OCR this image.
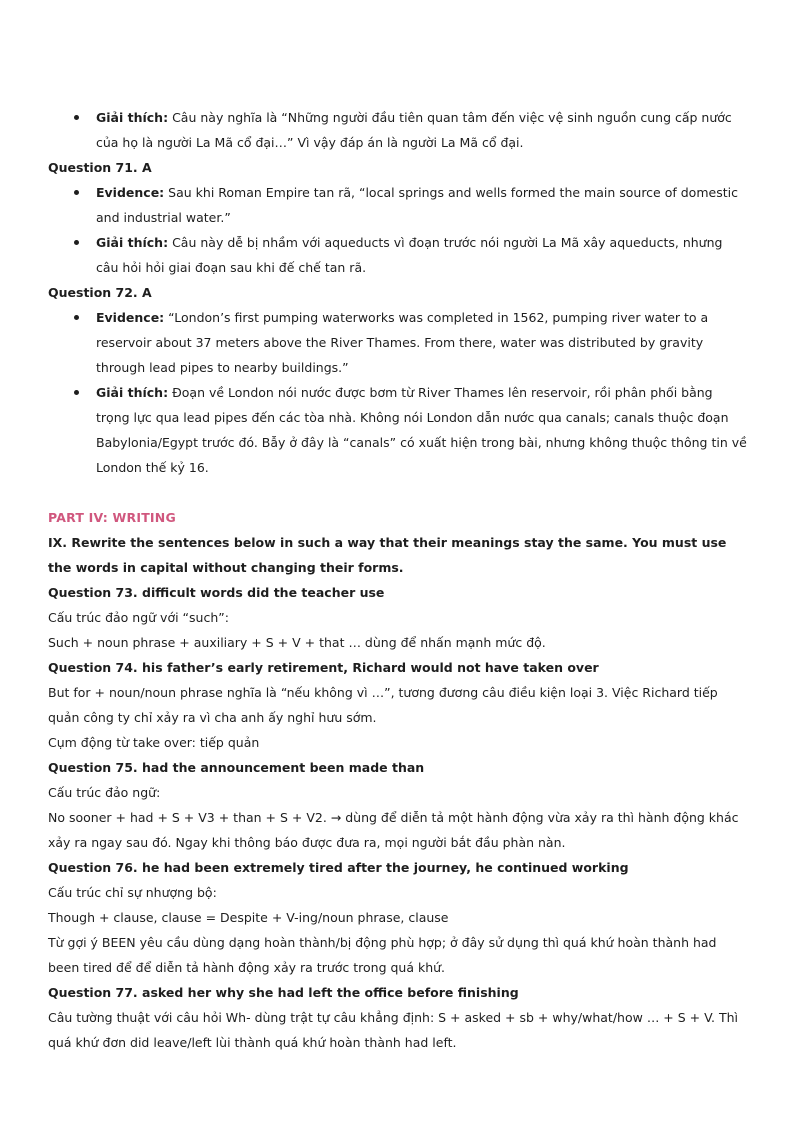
Giải thích: Câu này nghĩa là “Những người đầu tiên quan tâm đến việc vệ sinh nguồn cung cấp nước của họ là người La Mã cổ đại…” Vì vậy đáp án là người La Mã cổ đại.

Question 71. A

Evidence: Sau khi Roman Empire tan rã, “local springs and wells formed the main source of domestic and industrial water.”
Giải thích: Câu này dễ bị nhầm với aqueducts vì đoạn trước nói người La Mã xây aqueducts, nhưng câu hỏi hỏi giai đoạn sau khi đế chế tan rã.

Question 72. A

Evidence: “London’s first pumping waterworks was completed in 1562, pumping river water to a reservoir about 37 meters above the River Thames. From there, water was distributed by gravity through lead pipes to nearby buildings.”
Giải thích: Đoạn về London nói nước được bơm từ River Thames lên reservoir, rồi phân phối bằng trọng lực qua lead pipes đến các tòa nhà. Không nói London dẫn nước qua canals; canals thuộc đoạn Babylonia/Egypt trước đó. Bẫy ở đây là “canals” có xuất hiện trong bài, nhưng không thuộc thông tin về London thế kỷ 16.

PART IV: WRITING

IX. Rewrite the sentences below in such a way that their meanings stay the same. You must use the words in capital without changing their forms.

Question 73. difficult words did the teacher use

Cấu trúc đảo ngữ với “such”:

Such + noun phrase + auxiliary + S + V + that … dùng để nhấn mạnh mức độ.

Question 74. his father’s early retirement, Richard would not have taken over

But for + noun/noun phrase nghĩa là “nếu không vì …”, tương đương câu điều kiện loại 3. Việc Richard tiếp quản công ty chỉ xảy ra vì cha anh ấy nghỉ hưu sớm.

Cụm động từ take over: tiếp quản

Question 75. had the announcement been made than

Cấu trúc đảo ngữ:

No sooner + had + S + V3 + than + S + V2. → dùng để diễn tả một hành động vừa xảy ra thì hành động khác xảy ra ngay sau đó. Ngay khi thông báo được đưa ra, mọi người bắt đầu phàn nàn.

Question 76. he had been extremely tired after the journey, he continued working

Cấu trúc chỉ sự nhượng bộ:

Though + clause, clause = Despite + V-ing/noun phrase, clause

Từ gợi ý BEEN yêu cầu dùng dạng hoàn thành/bị động phù hợp; ở đây sử dụng thì quá khứ hoàn thành had been tired để để diễn tả hành động xảy ra trước trong quá khứ.

Question 77. asked her why she had left the office before finishing

Câu tường thuật với câu hỏi Wh- dùng trật tự câu khẳng định: S + asked + sb + why/what/how … + S + V. Thì quá khứ đơn did leave/left lùi thành quá khứ hoàn thành had left.
